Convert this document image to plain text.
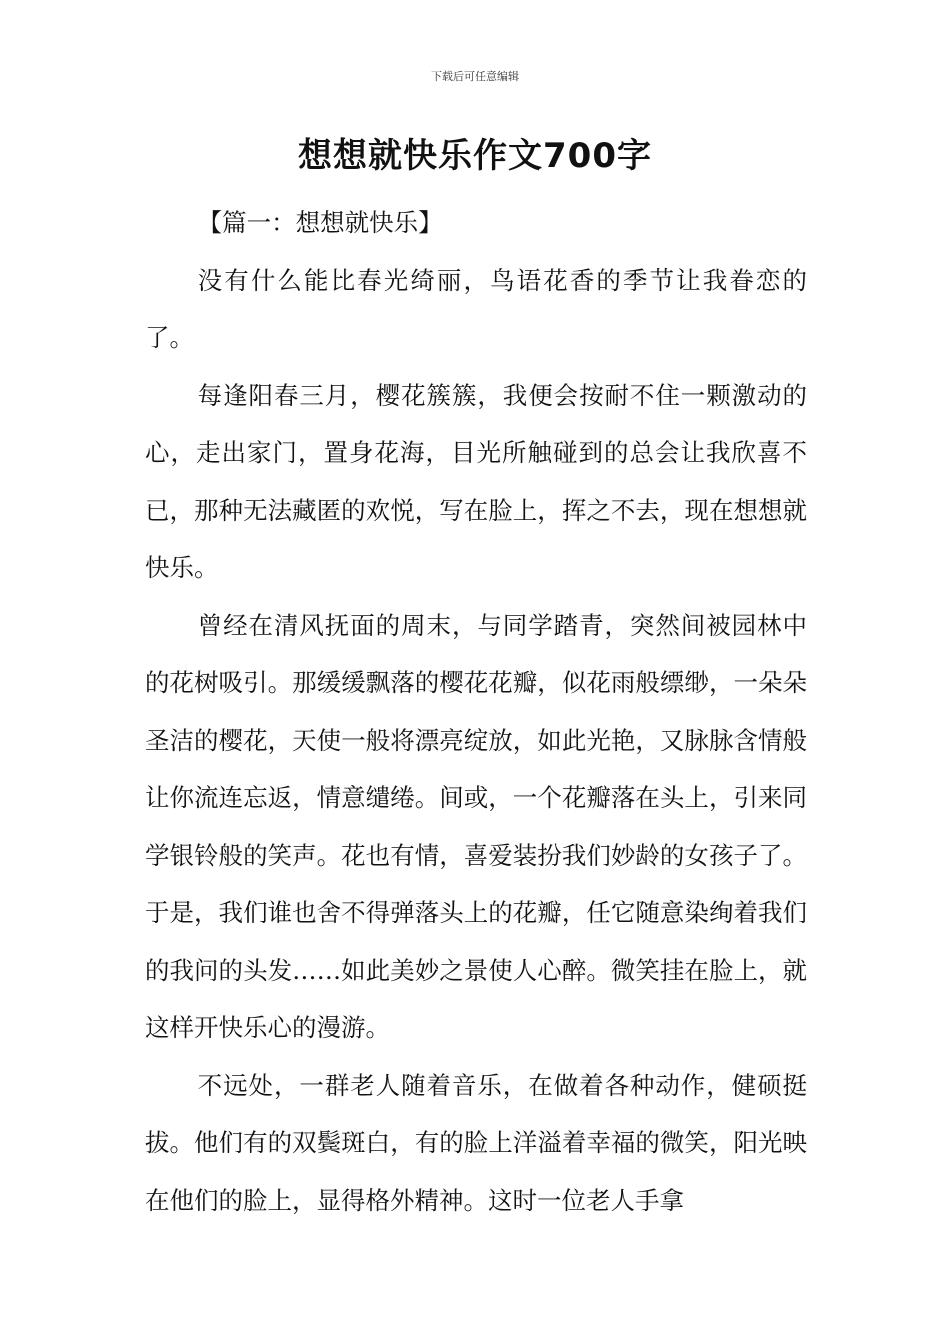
下载后可任意编辑
想想就快乐作文700字

【篇一：想想就快乐】

没有什么能比春光绮丽，鸟语花香的季节让我眷恋的了。

每逢阳春三月，樱花簇簇，我便会按耐不住一颗激动的心，走出家门，置身花海，目光所触碰到的总会让我欣喜不已，那种无法藏匿的欢悦，写在脸上，挥之不去，现在想想就快乐。

曾经在清风抚面的周末，与同学踏青，突然间被园林中的花树吸引。那缓缓飘落的樱花花瓣，似花雨般缥缈，一朵朵圣洁的樱花，天使一般将漂亮绽放，如此光艳，又脉脉含情般让你流连忘返，情意缱绻。间或，一个花瓣落在头上，引来同学银铃般的笑声。花也有情，喜爱装扮我们妙龄的女孩子了。于是，我们谁也舍不得弹落头上的花瓣，任它随意染绚着我们的我问的头发……如此美妙之景使人心醉。微笑挂在脸上，就这样开快乐心的漫游。

不远处，一群老人随着音乐，在做着各种动作，健硕挺拔。他们有的双鬓斑白，有的脸上洋溢着幸福的微笑，阳光映在他们的脸上，显得格外精神。这时一位老人手拿
